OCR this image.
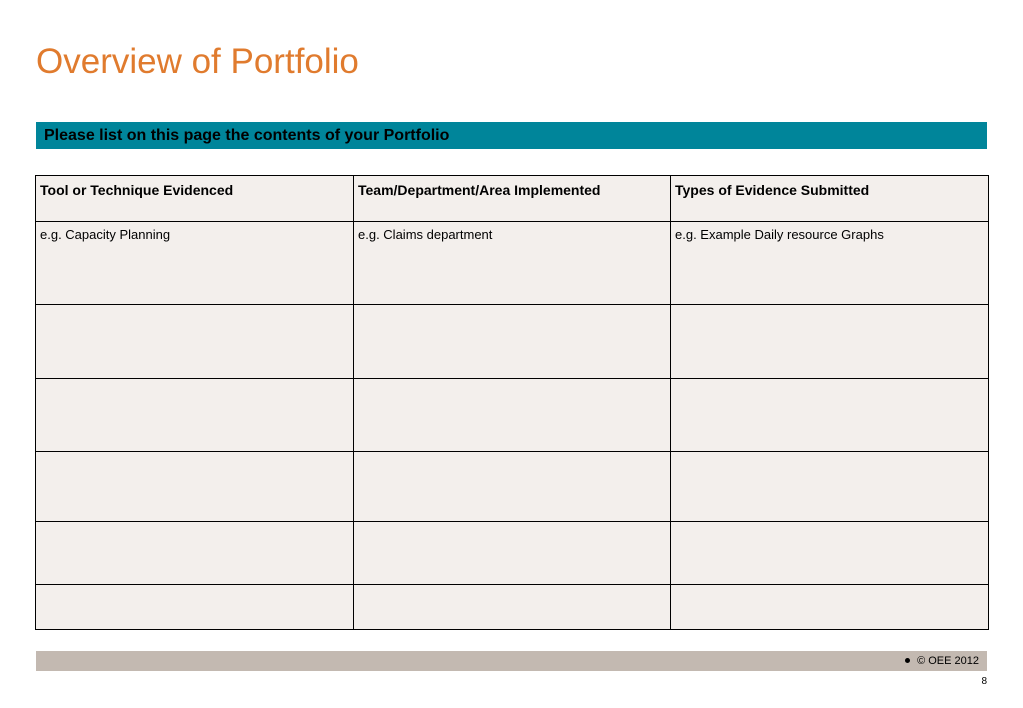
Overview of Portfolio
Please list on this page the contents of your Portfolio
Tool or Technique Evidenced	Team/Department/Area Implemented	Types of Evidence Submitted
e.g. Capacity Planning	e.g. Claims department	e.g. Example Daily resource Graphs

© OEE 2012
8
